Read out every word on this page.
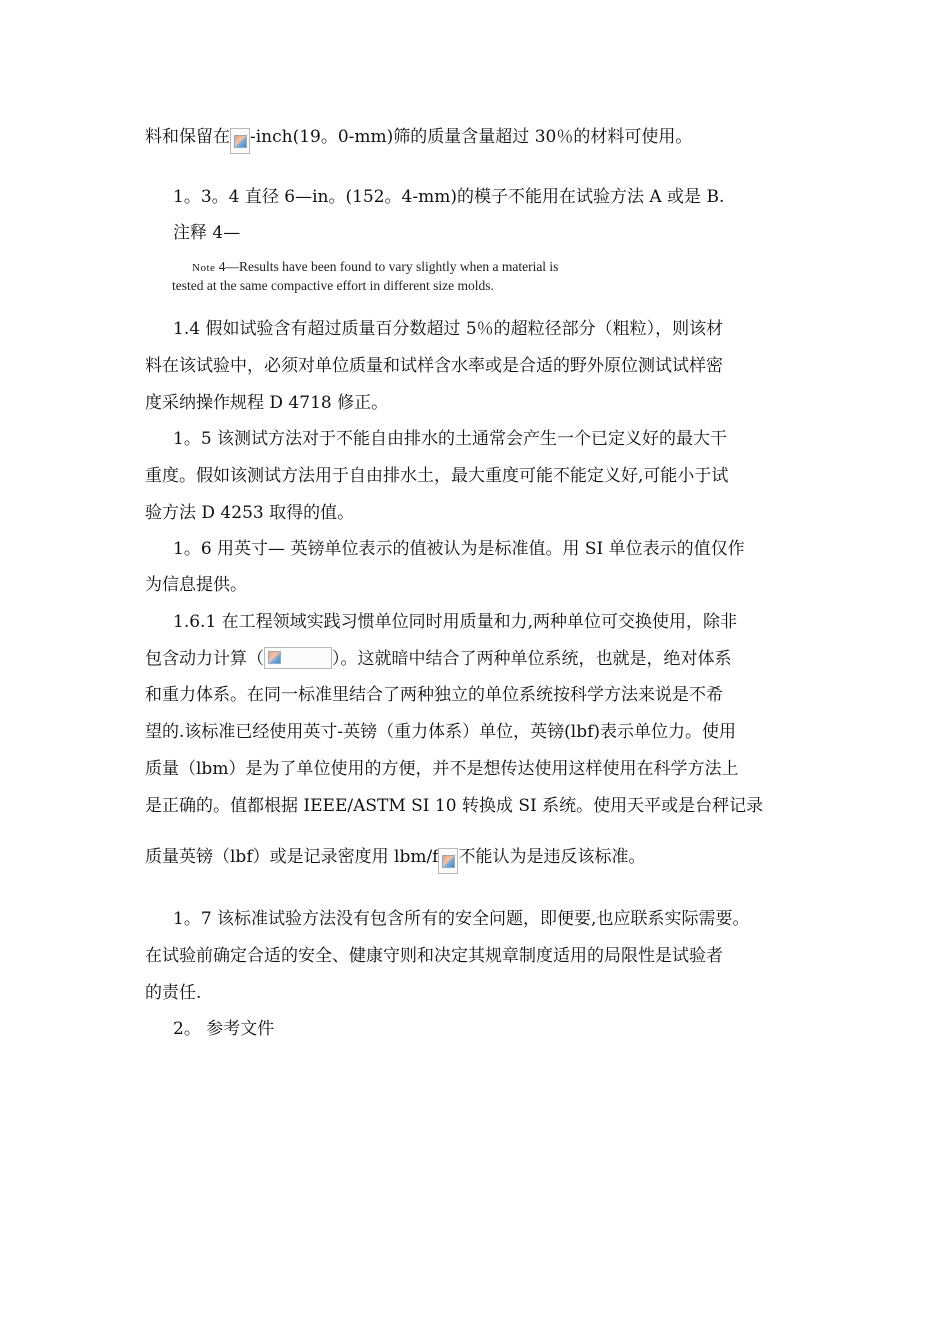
料和保留在 -inch(19。0-mm)筛的质量含量超过 30％的材料可使用。
1。3。4 直径 6—in。(152。4-mm)的模子不能用在试验方法 A 或是 B.
注释 4—
Note 4—Results have been found to vary slightly when a material is
tested at the same compactive effort in different size molds.
1.4 假如试验含有超过质量百分数超过 5％的超粒径部分（粗粒），则该材
料在该试验中，必须对单位质量和试样含水率或是合适的野外原位测试试样密
度采纳操作规程 D 4718 修正。
1。5 该测试方法对于不能自由排水的土通常会产生一个已定义好的最大干
重度。假如该测试方法用于自由排水土，最大重度可能不能定义好,可能小于试
验方法 D 4253 取得的值。
1。6 用英寸— 英镑单位表示的值被认为是标准值。用 SI 单位表示的值仅作
为信息提供。
1.6.1 在工程领域实践习惯单位同时用质量和力,两种单位可交换使用，除非
包含动力计算（	）。这就暗中结合了两种单位系统，也就是，绝对体系
和重力体系。在同一标准里结合了两种独立的单位系统按科学方法来说是不希
望的.该标准已经使用英寸-英镑（重力体系）单位，英镑(lbf)表示单位力。使用
质量（lbm）是为了单位使用的方便，并不是想传达使用这样使用在科学方法上
是正确的。值都根据 IEEE/ASTM SI 10 转换成 SI 系统。使用天平或是台秤记录
质量英镑（lbf）或是记录密度用 lbm/f 不能认为是违反该标准。
1。7 该标准试验方法没有包含所有的安全问题，即便要,也应联系实际需要。
在试验前确定合适的安全、健康守则和决定其规章制度适用的局限性是试验者
的责任.
2。 参考文件
